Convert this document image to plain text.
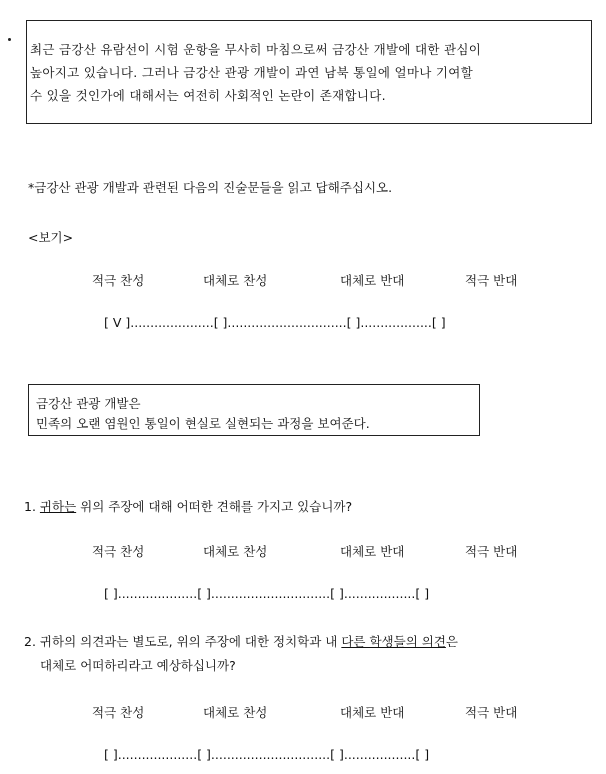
최근 금강산 유람선이 시험 운항을 무사히 마침으로써 금강산 개발에 대한 관심이
높아지고 있습니다. 그러나 금강산 관광 개발이 과연 남북 통일에 얼마나 기여할
수 있을 것인가에 대해서는 여전히 사회적인 논란이 존재합니다.
*금강산 관광 개발과 관련된 다음의 진술문들을 읽고 답해주십시오.
<보기>
적극 찬성	대체로 찬성	대체로 반대	적극 반대
[ V ].....................[ ]..............................[ ]..................[ ]
금강산 관광 개발은
민족의 오랜 염원인 통일이 현실로 실현되는 과정을 보여준다.
1. 귀하는 위의 주장에 대해 어떠한 견해를 가지고 있습니까?
적극 찬성	대체로 찬성	대체로 반대	적극 반대
[ ]....................[ ]..............................[ ]..................[ ]
2. 귀하의 의견과는 별도로, 위의 주장에 대한 정치학과 내 다른 학생들의 의견은
대체로 어떠하리라고 예상하십니까?
적극 찬성	대체로 찬성	대체로 반대	적극 반대
[ ]....................[ ]..............................[ ]..................[ ]
